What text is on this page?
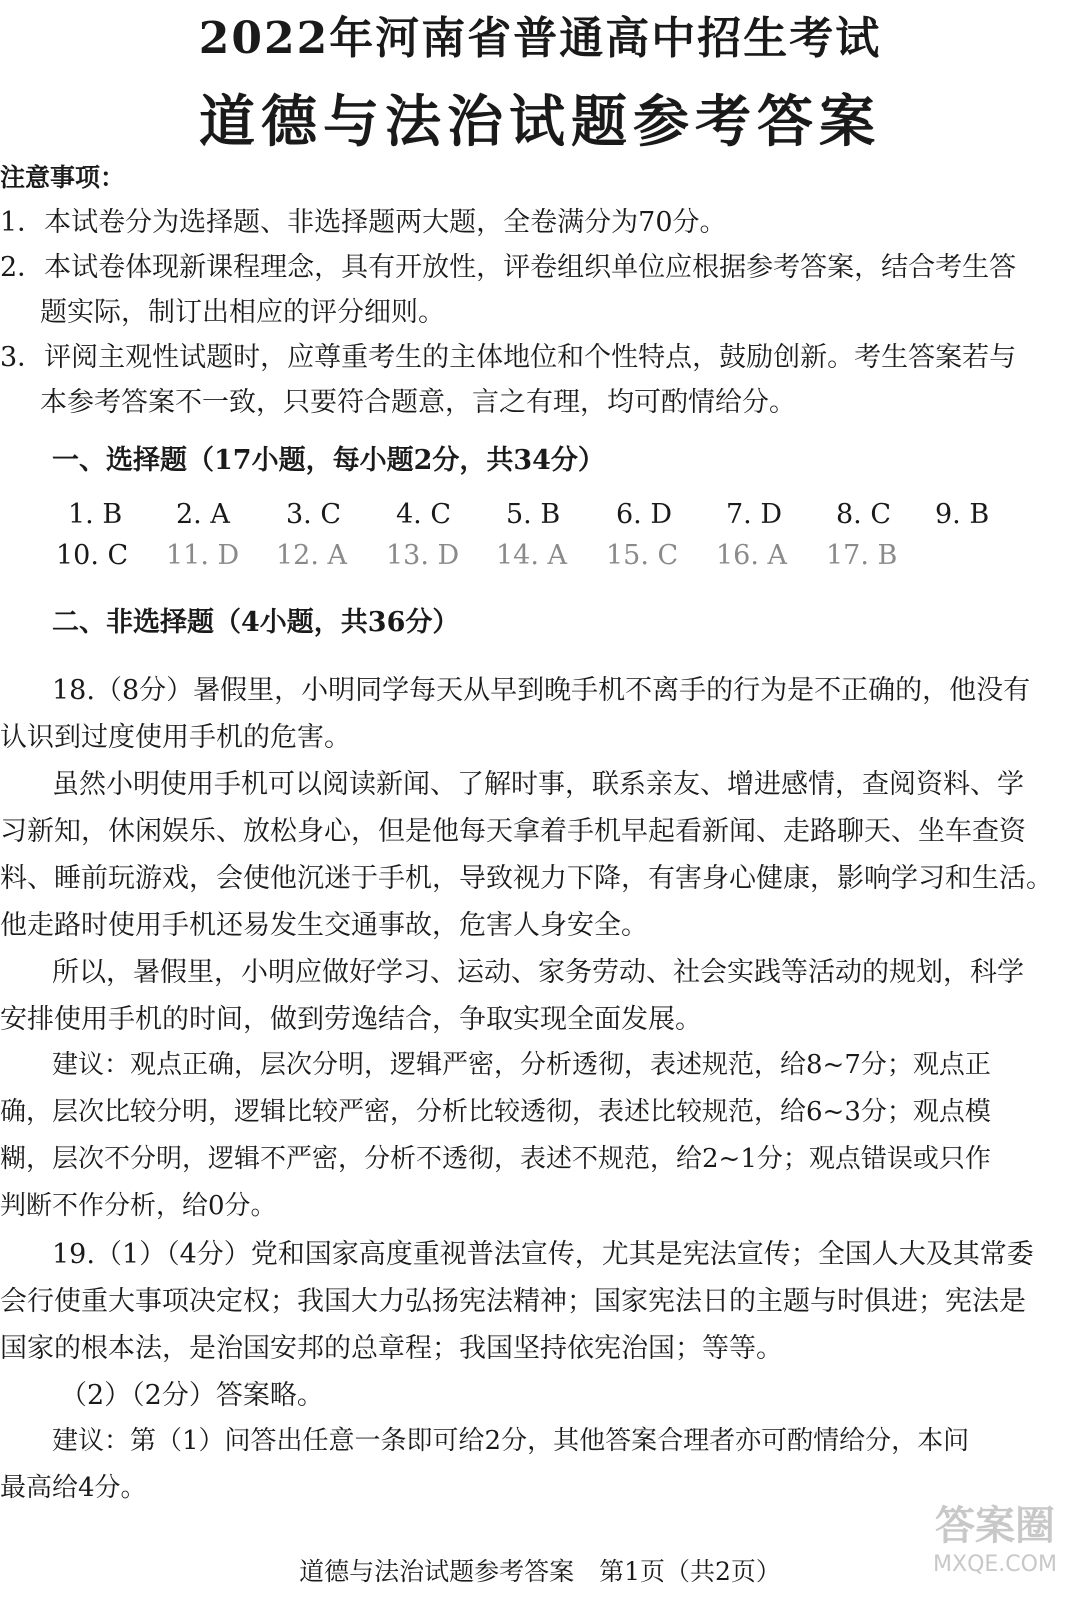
2022年河南省普通高中招生考试
道德与法治试题参考答案
注意事项：
1．本试卷分为选择题、非选择题两大题，全卷满分为70分。
2．本试卷体现新课程理念，具有开放性，评卷组织单位应根据参考答案，结合考生答
题实际，制订出相应的评分细则。
3．评阅主观性试题时，应尊重考生的主体地位和个性特点，鼓励创新。考生答案若与
本参考答案不一致，只要符合题意，言之有理，均可酌情给分。
一、选择题（17小题，每小题2分，共34分）
1. B 2. A 3. C 4. C 5. B 6. D 7. D 8. C 9. B
10. C 11. D 12. A 13. D 14. A 15. C 16. A 17. B
二、非选择题（4小题，共36分）
18.（8分）暑假里，小明同学每天从早到晚手机不离手的行为是不正确的，他没有
认识到过度使用手机的危害。
虽然小明使用手机可以阅读新闻、了解时事，联系亲友、增进感情，查阅资料、学
习新知，休闲娱乐、放松身心，但是他每天拿着手机早起看新闻、走路聊天、坐车查资
料、睡前玩游戏，会使他沉迷于手机，导致视力下降，有害身心健康，影响学习和生活。
他走路时使用手机还易发生交通事故，危害人身安全。
所以，暑假里，小明应做好学习、运动、家务劳动、社会实践等活动的规划，科学
安排使用手机的时间，做到劳逸结合，争取实现全面发展。
建议：观点正确，层次分明，逻辑严密，分析透彻，表述规范，给8~7分；观点正
确，层次比较分明，逻辑比较严密，分析比较透彻，表述比较规范，给6~3分；观点模
糊，层次不分明，逻辑不严密，分析不透彻，表述不规范，给2~1分；观点错误或只作
判断不作分析，给0分。
19.（1）（4分）党和国家高度重视普法宣传，尤其是宪法宣传；全国人大及其常委
会行使重大事项决定权；我国大力弘扬宪法精神；国家宪法日的主题与时俱进；宪法是
国家的根本法，是治国安邦的总章程；我国坚持依宪治国；等等。
（2）（2分）答案略。
建议：第（1）问答出任意一条即可给2分，其他答案合理者亦可酌情给分，本问
最高给4分。
道德与法治试题参考答案　第1页（共2页）
答案圈
MXQE.COM
